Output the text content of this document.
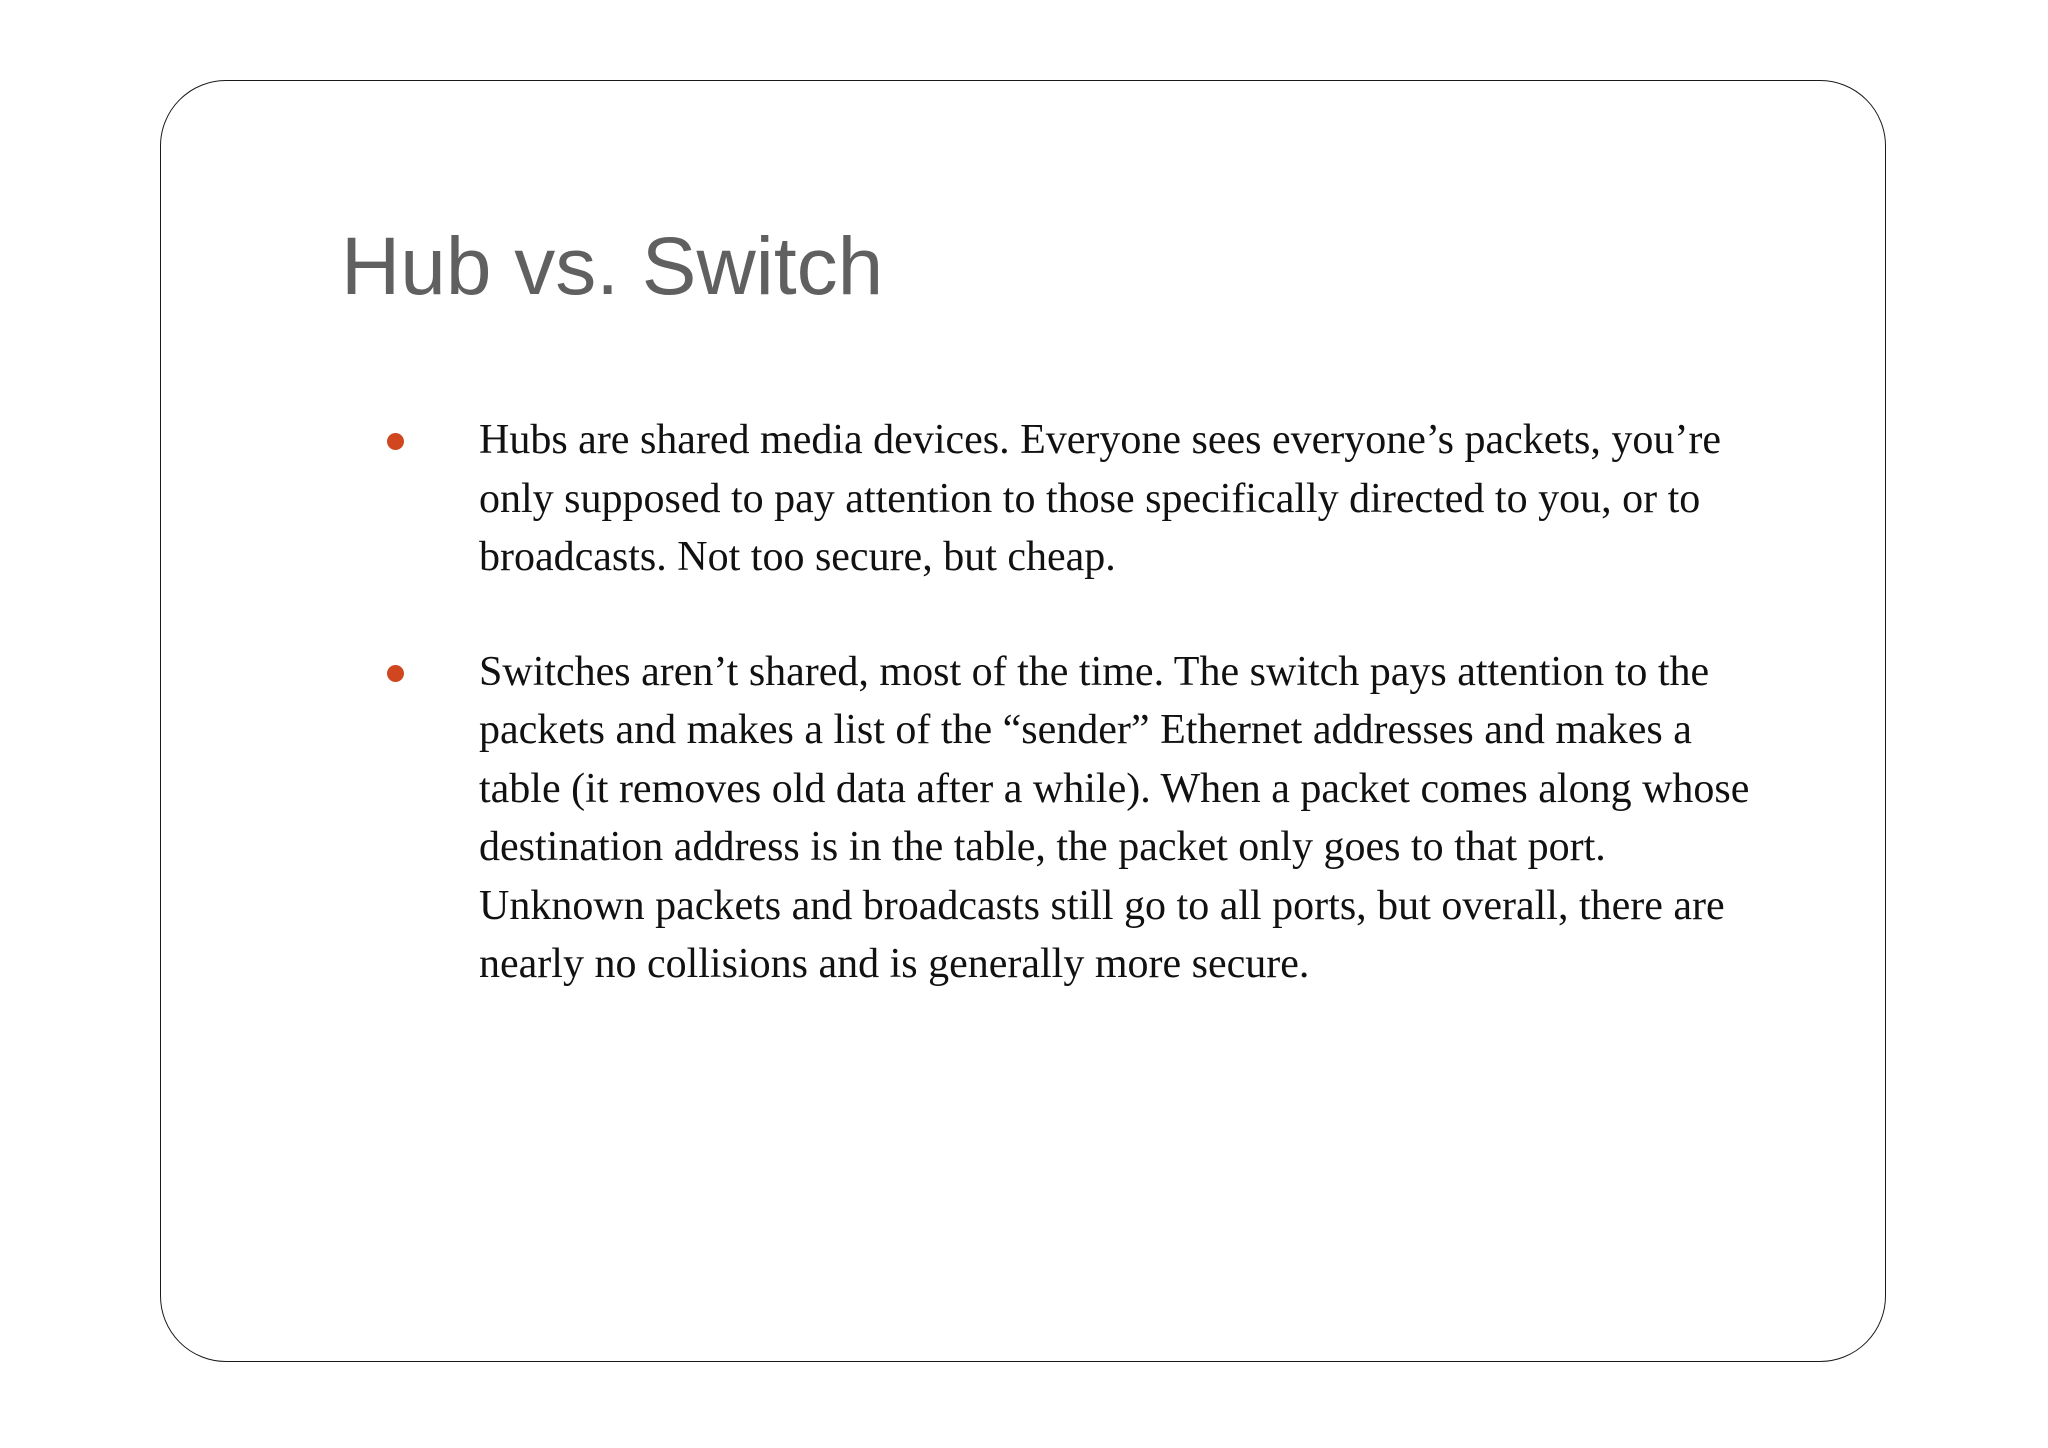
Hub vs. Switch
Hubs are shared media devices. Everyone sees everyone’s packets, you’re only supposed to pay attention to those specifically directed to you, or to broadcasts. Not too secure, but cheap.
Switches aren’t shared, most of the time. The switch pays attention to the packets and makes a list of the “sender” Ethernet addresses and makes a table (it removes old data after a while). When a packet comes along whose destination address is in the table, the packet only goes to that port. Unknown packets and broadcasts still go to all ports, but overall, there are nearly no collisions and is generally more secure.
